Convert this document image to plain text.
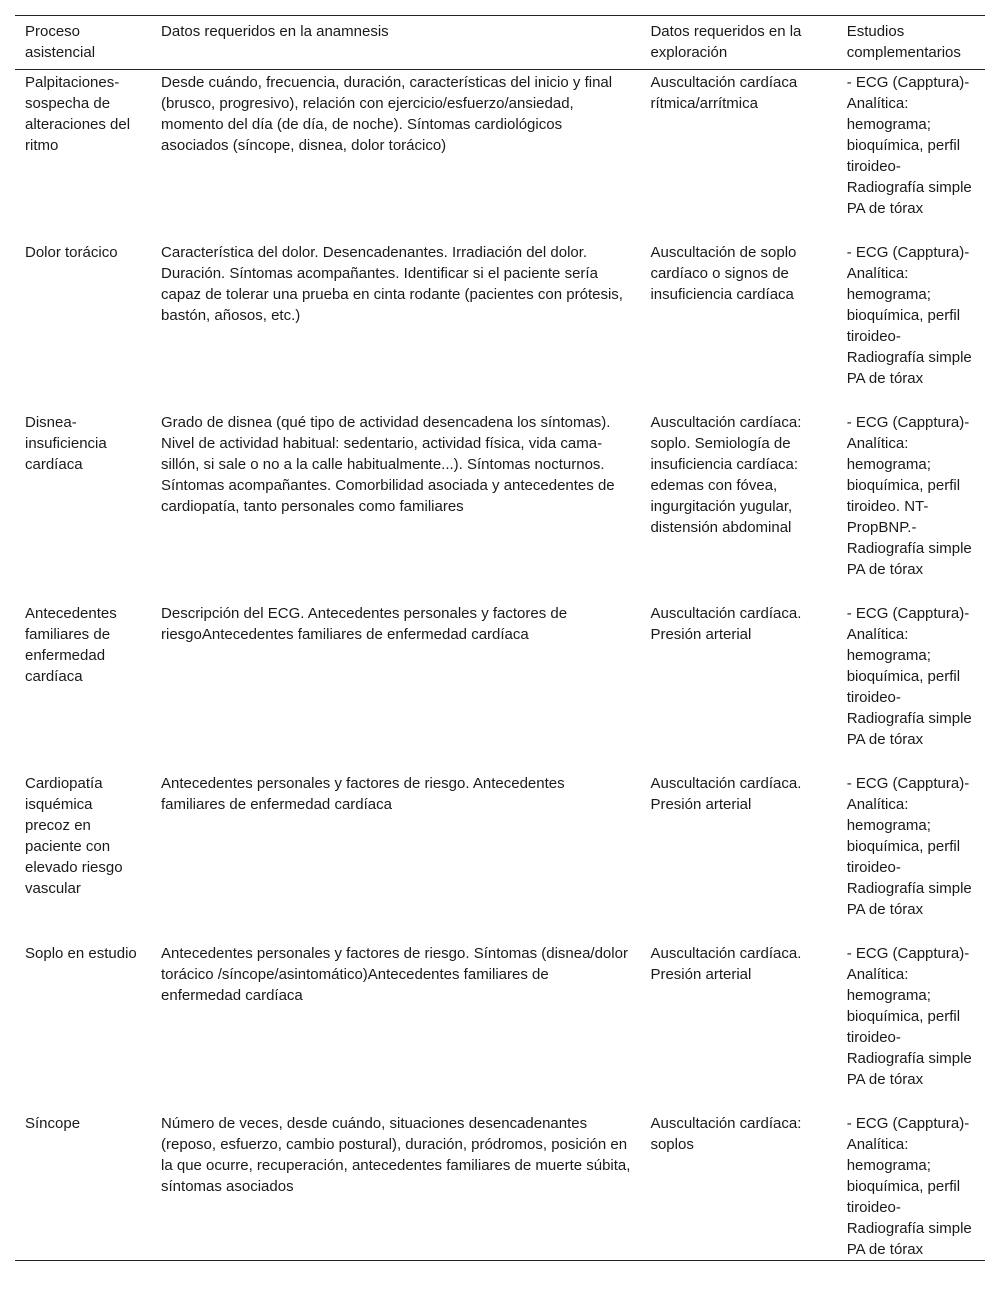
Proceso asistencial	Datos requeridos en la anamnesis	Datos requeridos en la exploración	Estudios complementarios
Palpitaciones-sospecha de alteraciones del ritmo	Desde cuándo, frecuencia, duración, características del inicio y final (brusco, progresivo), relación con ejercicio/esfuerzo/ansiedad, momento del día (de día, de noche). Síntomas cardiológicos asociados (síncope, disnea, dolor torácico)	Auscultación cardíaca rítmica/arrítmica	- ECG (Capptura)-Analítica: hemograma; bioquímica, perfil tiroideo-Radiografía simple PA de tórax

Dolor torácico	Característica del dolor. Desencadenantes. Irradiación del dolor. Duración. Síntomas acompañantes. Identificar si el paciente sería capaz de tolerar una prueba en cinta rodante (pacientes con prótesis, bastón, añosos, etc.)	Auscultación de soplo cardíaco o signos de insuficiencia cardíaca	- ECG (Capptura)-Analítica: hemograma; bioquímica, perfil tiroideo-Radiografía simple PA de tórax

Disnea-insuficiencia cardíaca	Grado de disnea (qué tipo de actividad desencadena los síntomas). Nivel de actividad habitual: sedentario, actividad física, vida cama-sillón, si sale o no a la calle habitualmente...). Síntomas nocturnos. Síntomas acompañantes. Comorbilidad asociada y antecedentes de cardiopatía, tanto personales como familiares	Auscultación cardíaca: soplo. Semiología de insuficiencia cardíaca: edemas con fóvea, ingurgitación yugular, distensión abdominal	- ECG (Capptura)-Analítica: hemograma; bioquímica, perfil tiroideo. NT-PropBNP.-Radiografía simple PA de tórax

Antecedentes familiares de enfermedad cardíaca	Descripción del ECG. Antecedentes personales y factores de riesgoAntecedentes familiares de enfermedad cardíaca	Auscultación cardíaca. Presión arterial	- ECG (Capptura)-Analítica: hemograma; bioquímica, perfil tiroideo-Radiografía simple PA de tórax

Cardiopatía isquémica precoz en paciente con elevado riesgo vascular	Antecedentes personales y factores de riesgo. Antecedentes familiares de enfermedad cardíaca	Auscultación cardíaca. Presión arterial	- ECG (Capptura)-Analítica: hemograma; bioquímica, perfil tiroideo-Radiografía simple PA de tórax

Soplo en estudio	Antecedentes personales y factores de riesgo. Síntomas (disnea/dolor torácico /síncope/asintomático)Antecedentes familiares de enfermedad cardíaca	Auscultación cardíaca. Presión arterial	- ECG (Capptura)-Analítica: hemograma; bioquímica, perfil tiroideo-Radiografía simple PA de tórax

Síncope	Número de veces, desde cuándo, situaciones desencadenantes (reposo, esfuerzo, cambio postural), duración, pródromos, posición en la que ocurre, recuperación, antecedentes familiares de muerte súbita, síntomas asociados	Auscultación cardíaca: soplos	- ECG (Capptura)-Analítica: hemograma; bioquímica, perfil tiroideo-Radiografía simple PA de tórax
